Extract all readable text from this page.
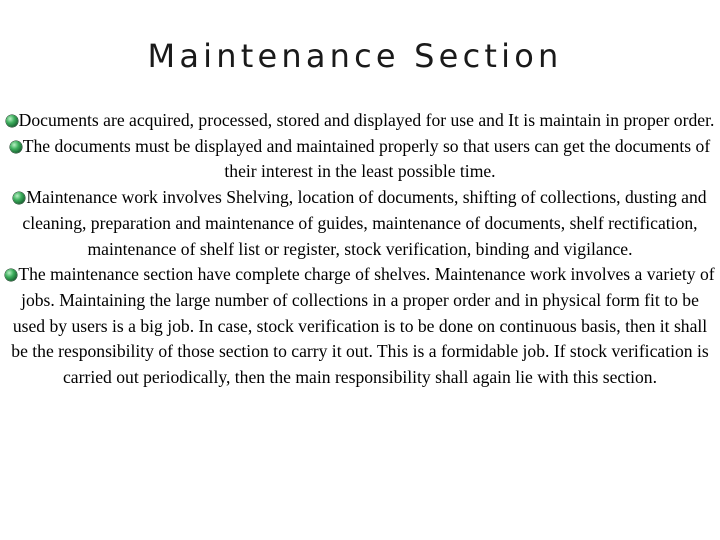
Maintenance Section
Documents are acquired, processed, stored and displayed for use and It is maintain in proper order.
The documents must be displayed and maintained properly so that users can get the documents of their interest in the least possible time.
Maintenance work involves Shelving, location of documents, shifting of collections, dusting and cleaning, preparation and maintenance of guides, maintenance of documents, shelf rectification, maintenance of shelf list or register, stock verification, binding and vigilance.
The maintenance section have complete charge of shelves. Maintenance work involves a variety of jobs. Maintaining the large number of collections in a proper order and in physical form fit to be used by users is a big job. In case, stock verification is to be done on continuous basis, then it shall be the responsibility of those section to carry it out. This is a formidable job. If stock verification is carried out periodically, then the main responsibility shall again lie with this section.
